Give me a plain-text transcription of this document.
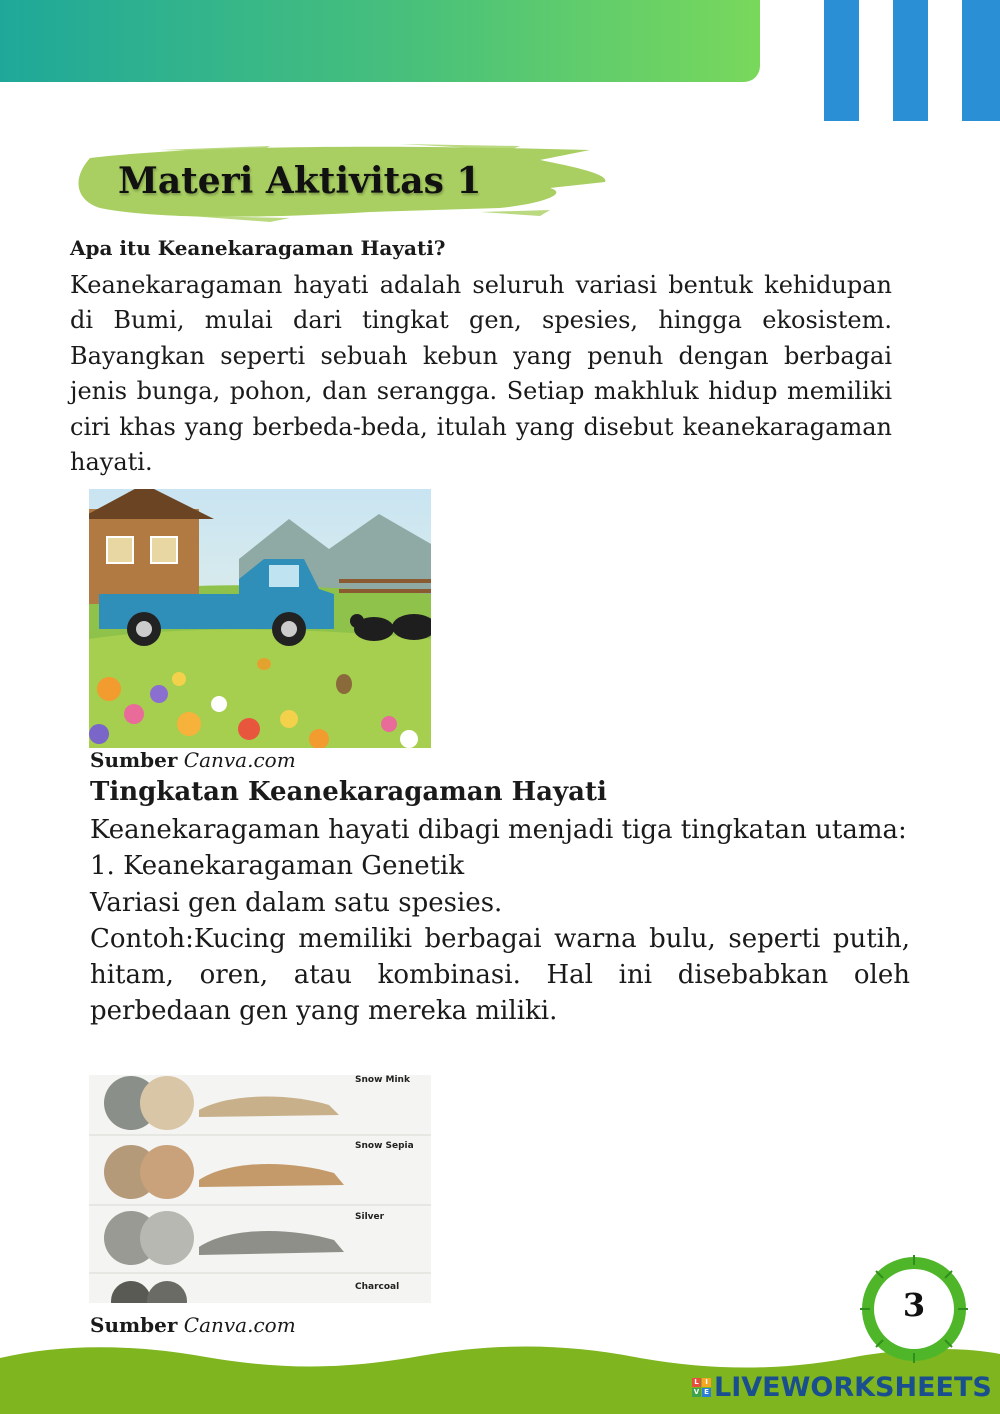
Materi Aktivitas 1
Apa itu Keanekaragaman Hayati?

Keanekaragaman hayati adalah seluruh variasi bentuk kehidupan di Bumi, mulai dari tingkat gen, spesies, hingga ekosistem. Bayangkan seperti sebuah kebun yang penuh dengan berbagai jenis bunga, pohon, dan serangga. Setiap makhluk hidup memiliki ciri khas yang berbeda-beda, itulah yang disebut keanekaragaman hayati.

Sumber Canva.com

Tingkatan Keanekaragaman Hayati
Keanekaragaman hayati dibagi menjadi tiga tingkatan utama:
1. Keanekaragaman Genetik
Variasi gen dalam satu spesies.
Contoh:Kucing memiliki berbagai warna bulu, seperti putih, hitam, oren, atau kombinasi. Hal ini disebabkan oleh perbedaan gen yang mereka miliki.
Snow Mink
Snow Sepia
Silver
Charcoal

Sumber Canva.com

3
L I
V E LIVEWORKSHEETS
